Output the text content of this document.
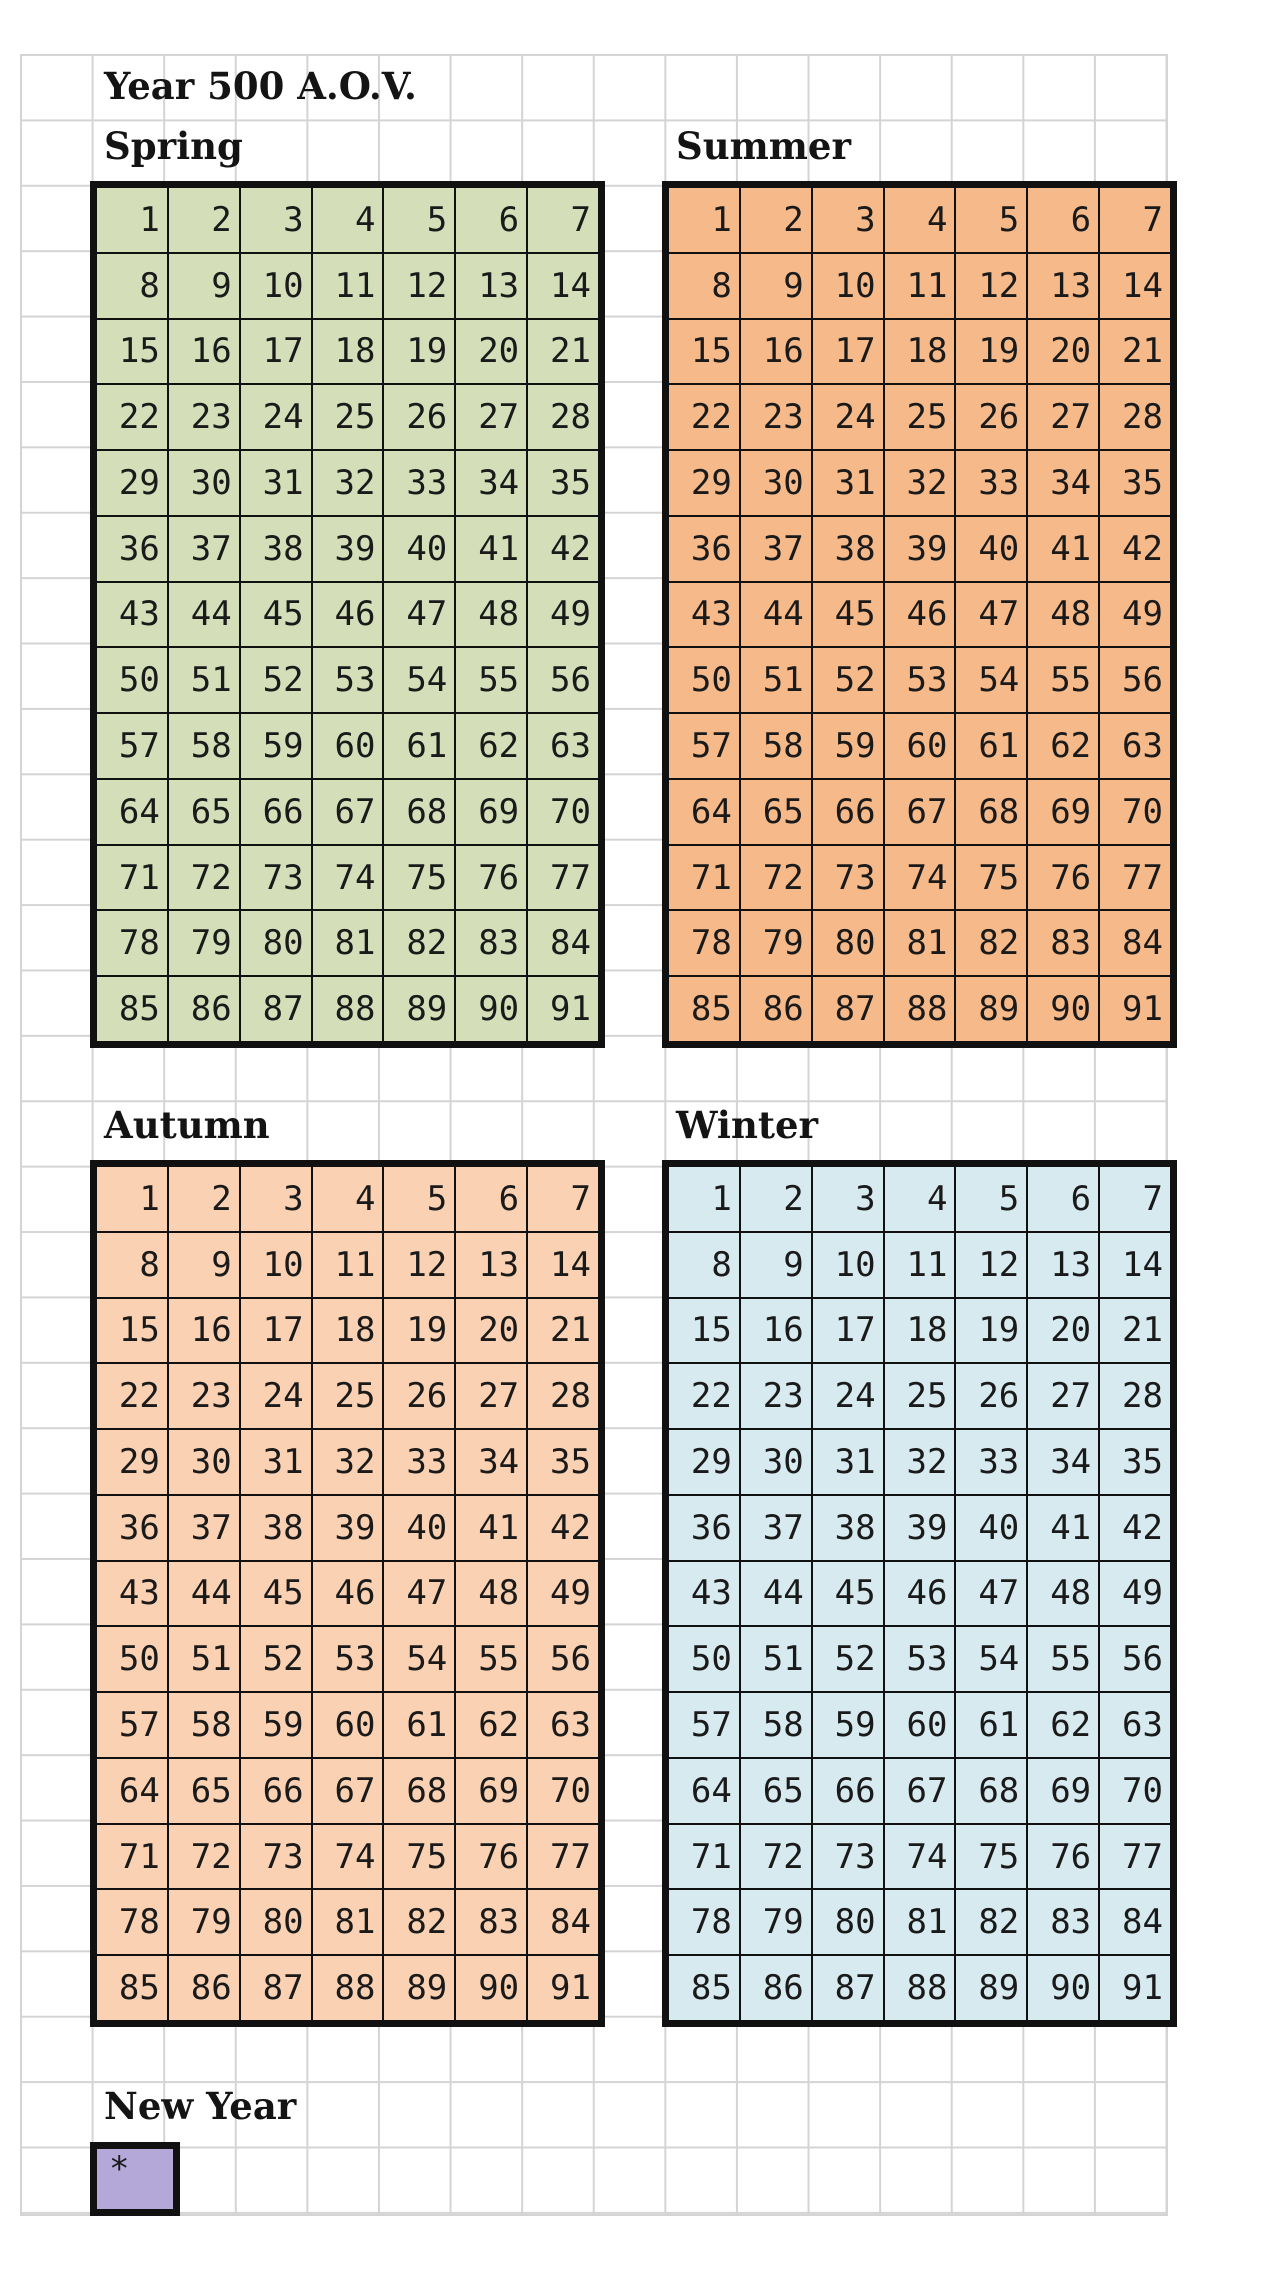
Year 500 A.O.V.
Spring	Summer
Autumn	Winter
1	2	3	4	5	6	7
8	9 10 11 12 13 14
15 16 17 18 19 20 21
22 23 24 25 26 27 28
29 30 31 32 33 34 35
36 37 38 39 40 41 42
43 44 45 46 47 48 49
50 51 52 53 54 55 56
57 58 59 60 61 62 63
64 65 66 67 68 69 70
71 72 73 74 75 76 77
78 79 80 81 82 83 84
85 86 87 88 89 90 91
1	2	3	4	5	6	7
8	9 10 11 12 13 14
15 16 17 18 19 20 21
22 23 24 25 26 27 28
29 30 31 32 33 34 35
36 37 38 39 40 41 42
43 44 45 46 47 48 49
50 51 52 53 54 55 56
57 58 59 60 61 62 63
64 65 66 67 68 69 70
71 72 73 74 75 76 77
78 79 80 81 82 83 84
85 86 87 88 89 90 91
1	2	3	4	5	6	7
8	9 10 11 12 13 14
15 16 17 18 19 20 21
22 23 24 25 26 27 28
29 30 31 32 33 34 35
36 37 38 39 40 41 42
43 44 45 46 47 48 49
50 51 52 53 54 55 56
57 58 59 60 61 62 63
64 65 66 67 68 69 70
71 72 73 74 75 76 77
78 79 80 81 82 83 84
85 86 87 88 89 90 91
1	2	3	4	5	6	7
8	9 10 11 12 13 14
15 16 17 18 19 20 21
22 23 24 25 26 27 28
29 30 31 32 33 34 35
36 37 38 39 40 41 42
43 44 45 46 47 48 49
50 51 52 53 54 55 56
57 58 59 60 61 62 63
64 65 66 67 68 69 70
71 72 73 74 75 76 77
78 79 80 81 82 83 84
85 86 87 88 89 90 91
New Year
*
